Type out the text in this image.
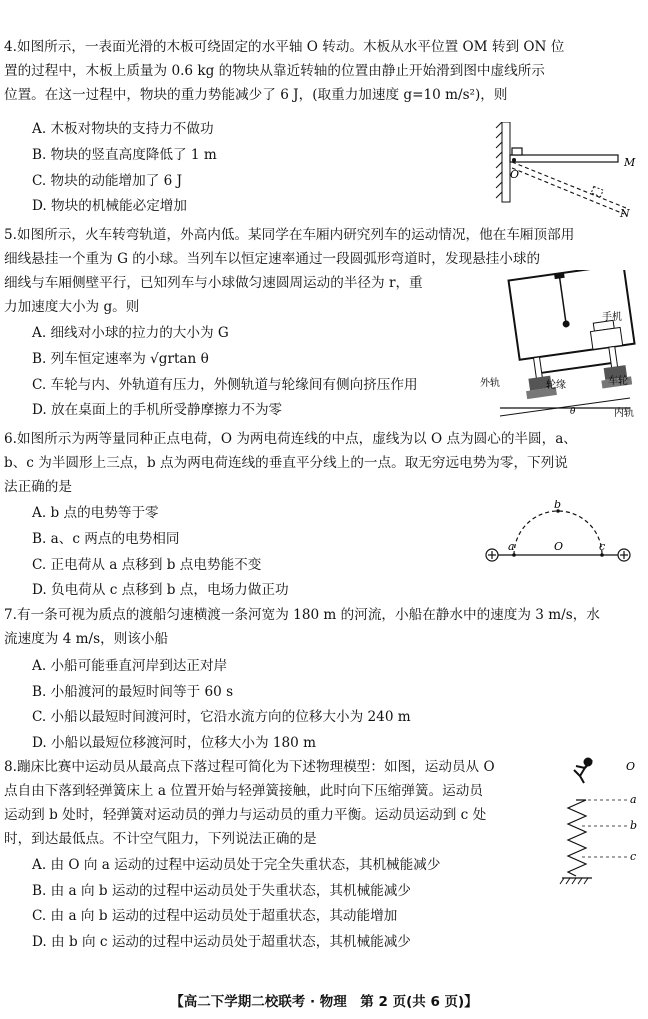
4.如图所示，一表面光滑的木板可绕固定的水平轴 O 转动。木板从水平位置 OM 转到 ON 位
置的过程中，木板上质量为 0.6 kg 的物块从靠近转轴的位置由静止开始滑到图中虚线所示
位置。在这一过程中，物块的重力势能减少了 6 J，(取重力加速度 g=10 m/s²)，则
A. 木板对物块的支持力不做功
B. 物块的竖直高度降低了 1 m
C. 物块的动能增加了 6 J
D. 物块的机械能必定增加
O
M
N
5.如图所示，火车转弯轨道，外高内低。某同学在车厢内研究列车的运动情况，他在车厢顶部用
细线悬挂一个重为 G 的小球。当列车以恒定速率通过一段圆弧形弯道时，发现悬挂小球的
细线与车厢侧壁平行，已知列车与小球做匀速圆周运动的半径为 r，重
力加速度大小为 g。则
A. 细线对小球的拉力的大小为 G
B. 列车恒定速率为 √grtan θ
C. 车轮与内、外轨道有压力，外侧轨道与轮缘间有侧向挤压作用
D. 放在桌面上的手机所受静摩擦力不为零
手机
外轨	轮缘	车轮
内轨
θ
6.如图所示为两等量同种正点电荷，O 为两电荷连线的中点，虚线为以 O 点为圆心的半圆，a、
b、c 为半圆形上三点，b 点为两电荷连线的垂直平分线上的一点。取无穷远电势为零，下列说
法正确的是
A. b 点的电势等于零
B. a、c 两点的电势相同
C. 正电荷从 a 点移到 b 点电势能不变
D. 负电荷从 c 点移到 b 点，电场力做正功
a
b
c
O
7.有一条可视为质点的渡船匀速横渡一条河宽为 180 m 的河流，小船在静水中的速度为 3 m/s，水
流速度为 4 m/s，则该小船
A. 小船可能垂直河岸到达正对岸
B. 小船渡河的最短时间等于 60 s
C. 小船以最短时间渡河时，它沿水流方向的位移大小为 240 m
D. 小船以最短位移渡河时，位移大小为 180 m
8.蹦床比赛中运动员从最高点下落过程可简化为下述物理模型：如图，运动员从 O
点自由下落到轻弹簧床上 a 位置开始与轻弹簧接触，此时向下压缩弹簧。运动员
运动到 b 处时，轻弹簧对运动员的弹力与运动员的重力平衡。运动员运动到 c 处
时，到达最低点。不计空气阻力，下列说法正确的是
A. 由 O 向 a 运动的过程中运动员处于完全失重状态，其机械能减少
B. 由 a 向 b 运动的过程中运动员处于失重状态，其机械能减少
C. 由 a 向 b 运动的过程中运动员处于超重状态，其动能增加
D. 由 b 向 c 运动的过程中运动员处于超重状态，其机械能减少
O
a
b
c
【高二下学期二校联考 · 物理　第 2 页(共 6 页)】
